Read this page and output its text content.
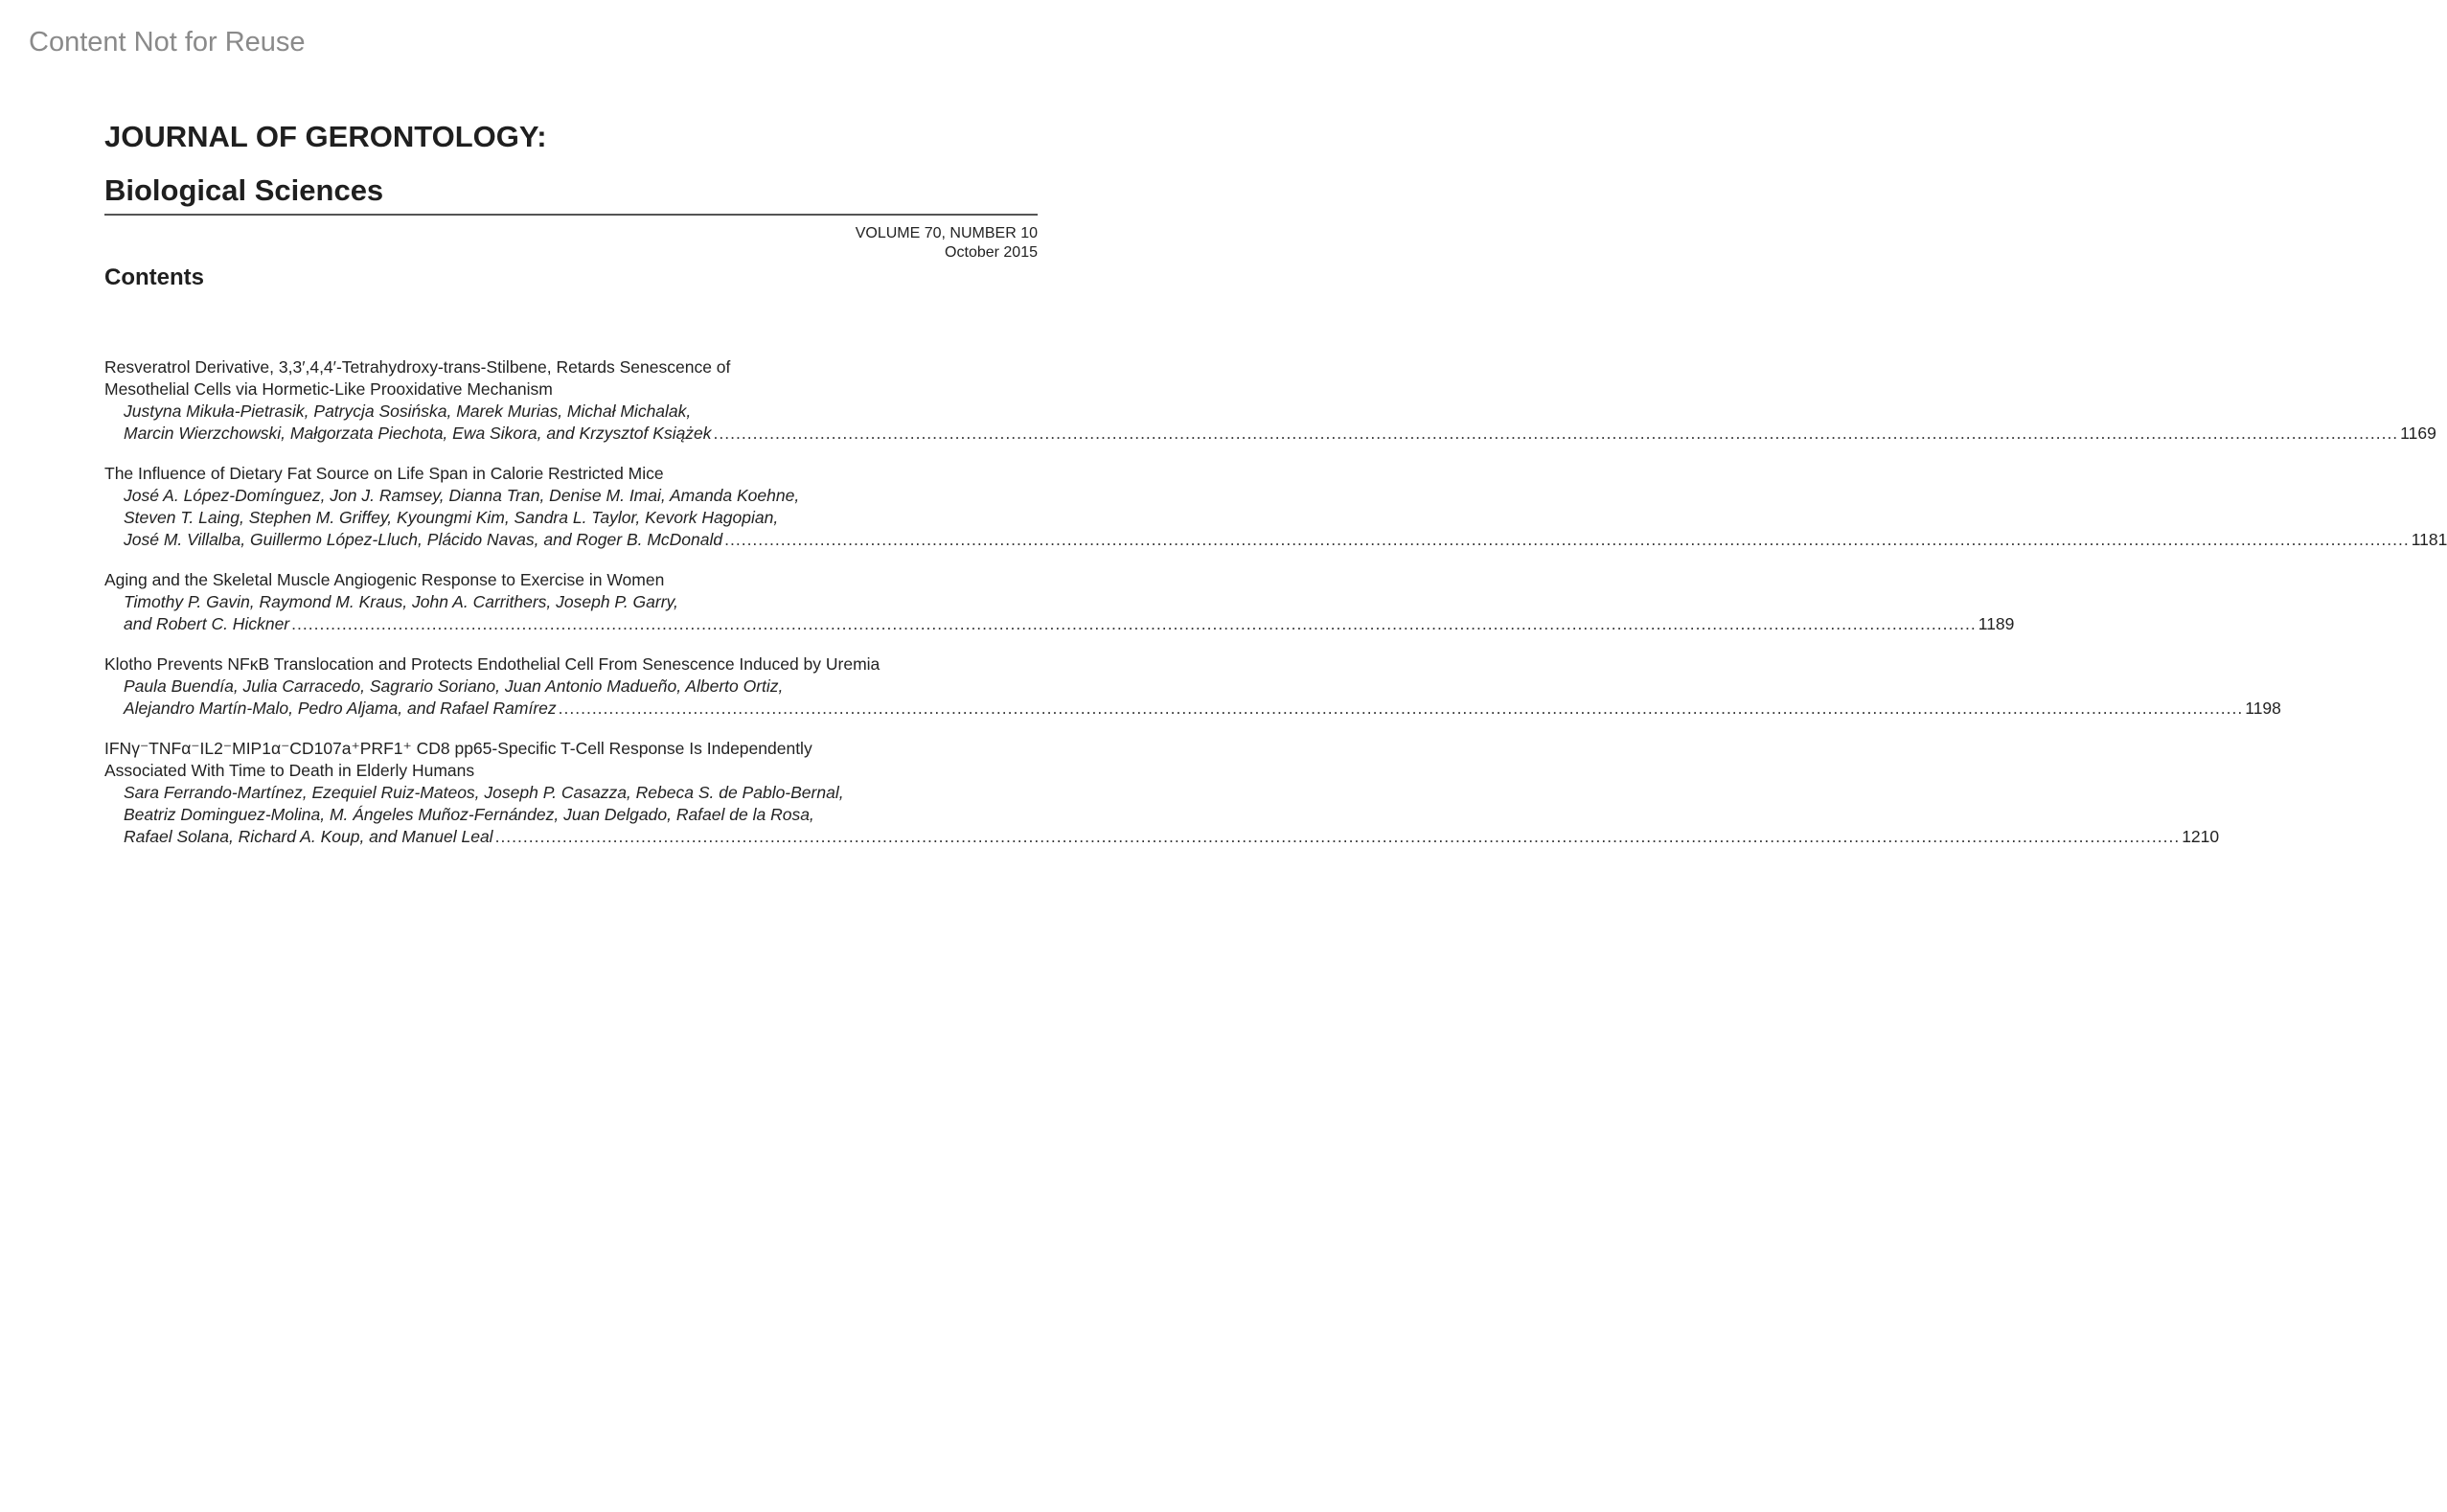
Content Not for Reuse
JOURNAL OF GERONTOLOGY:
Biological Sciences
VOLUME 70, NUMBER 10
October 2015
Contents
Resveratrol Derivative, 3,3′,4,4′-Tetrahydroxy-trans-Stilbene, Retards Senescence of
Mesothelial Cells via Hormetic-Like Prooxidative Mechanism
Justyna Mikuła-Pietrasik, Patrycja Sosińska, Marek Murias, Michał Michalak,
Marcin Wierzchowski, Małgorzata Piechota, Ewa Sikora, and Krzysztof Książek ............................................................................................................................................................................................................................................................................................................ 1169
The Influence of Dietary Fat Source on Life Span in Calorie Restricted Mice
José A. López-Domínguez, Jon J. Ramsey, Dianna Tran, Denise M. Imai, Amanda Koehne,
Steven T. Laing, Stephen M. Griffey, Kyoungmi Kim, Sandra L. Taylor, Kevork Hagopian,
José M. Villalba, Guillermo López-Lluch, Plácido Navas, and Roger B. McDonald ............................................................................................................................................................................................................................................................................................................ 1181
Aging and the Skeletal Muscle Angiogenic Response to Exercise in Women
Timothy P. Gavin, Raymond M. Kraus, John A. Carrithers, Joseph P. Garry,
and Robert C. Hickner ............................................................................................................................................................................................................................................................................................................ 1189
Klotho Prevents NFκB Translocation and Protects Endothelial Cell From Senescence Induced by Uremia
Paula Buendía, Julia Carracedo, Sagrario Soriano, Juan Antonio Madueño, Alberto Ortiz,
Alejandro Martín-Malo, Pedro Aljama, and Rafael Ramírez ............................................................................................................................................................................................................................................................................................................ 1198
IFNγ⁻TNFα⁻IL2⁻MIP1α⁻CD107a⁺PRF1⁺ CD8 pp65-Specific T-Cell Response Is Independently
Associated With Time to Death in Elderly Humans
Sara Ferrando-Martínez, Ezequiel Ruiz-Mateos, Joseph P. Casazza, Rebeca S. de Pablo-Bernal,
Beatriz Dominguez-Molina, M. Ángeles Muñoz-Fernández, Juan Delgado, Rafael de la Rosa,
Rafael Solana, Richard A. Koup, and Manuel Leal ............................................................................................................................................................................................................................................................................................................ 1210
